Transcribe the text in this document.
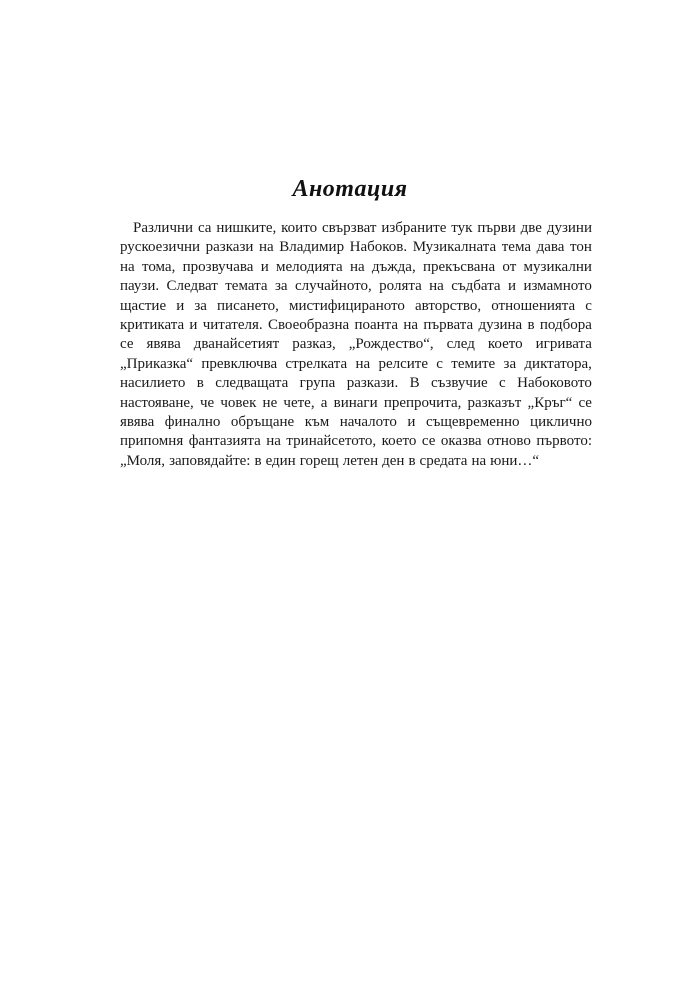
Анотация
Различни са нишките, които свързват избраните тук първи две дузини
рускоезични разкази на Владимир Набоков. Музикалната тема дава тон
на тома, прозвучава и мелодията на дъжда, прекъсвана от музикални
паузи. Следват темата за случайното, ролята на съдбата и измамното
щастие и за писането, мистифицираното авторство, отношенията с
критиката и читателя. Своеобразна поанта на първата дузина в подбора
се явява дванайсетият разказ, „Рождество“, след което игривата
„Приказка“ превключва стрелката на релсите с темите за диктатора,
насилието в следващата група разкази. В съзвучие с Набоковото
настояване, че човек не чете, а винаги препрочита, разказът „Кръг“ се
явява финално обръщане към началото и същевременно циклично
припомня фантазията на тринайсетото, което се оказва отново първото:
„Моля, заповядайте: в един горещ летен ден в средата на юни…“
